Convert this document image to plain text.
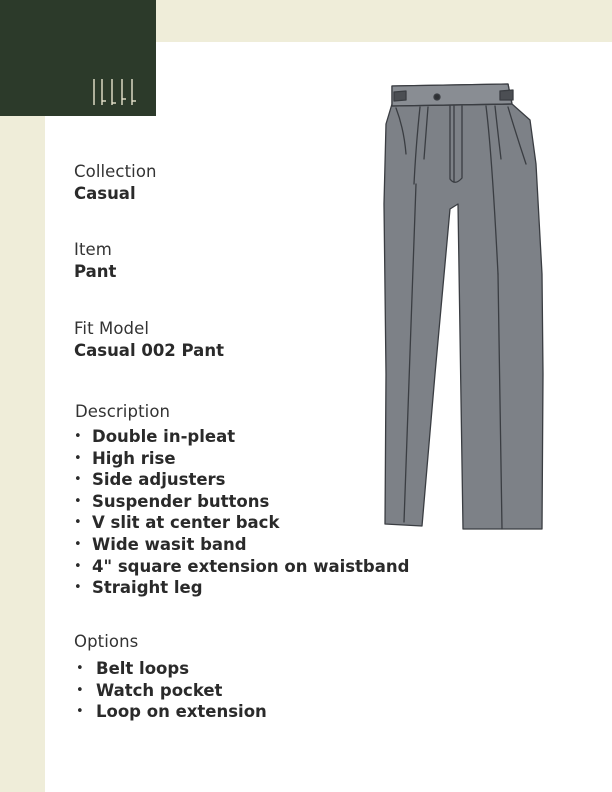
Collection
Casual
Item
Pant
Fit Model
Casual 002 Pant
Description
• Double in-pleat
• High rise
• Side adjusters
• Suspender buttons
• V slit at center back
• Wide wasit band
• 4" square extension on waistband
• Straight leg
Options
• Belt loops
• Watch pocket
• Loop on extension
